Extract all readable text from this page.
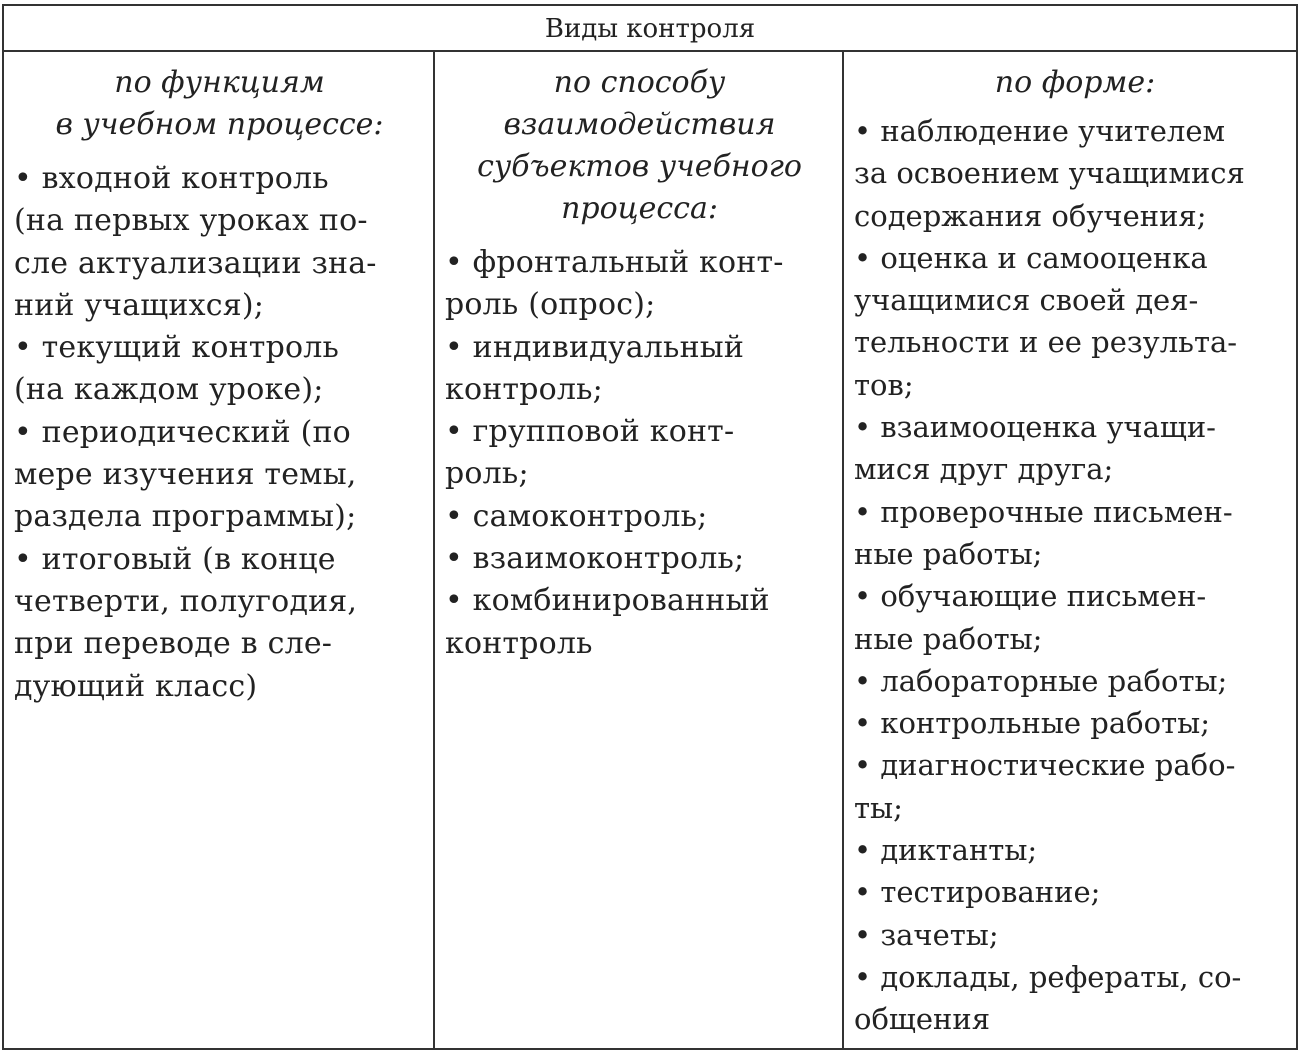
Виды контроля
по функциям
в учебном процессе:
• входной контроль
(на первых уроках по-
сле актуализации зна-
ний учащихся);
• текущий контроль
(на каждом уроке);
• периодический (по
мере изучения темы,
раздела программы);
• итоговый (в конце
четверти, полугодия,
при переводе в сле-
дующий класс)
по способу
взаимодействия
субъектов учебного
процесса:
• фронтальный конт-
роль (опрос);
• индивидуальный
контроль;
• групповой конт-
роль;
• самоконтроль;
• взаимоконтроль;
• комбинированный
контроль
по форме:
• наблюдение учителем
за освоением учащимися
содержания обучения;
• оценка и самооценка
учащимися своей дея-
тельности и ее результа-
тов;
• взаимооценка учащи-
мися друг друга;
• проверочные письмен-
ные работы;
• обучающие письмен-
ные работы;
• лабораторные работы;
• контрольные работы;
• диагностические рабо-
ты;
• диктанты;
• тестирование;
• зачеты;
• доклады, рефераты, со-
общения
